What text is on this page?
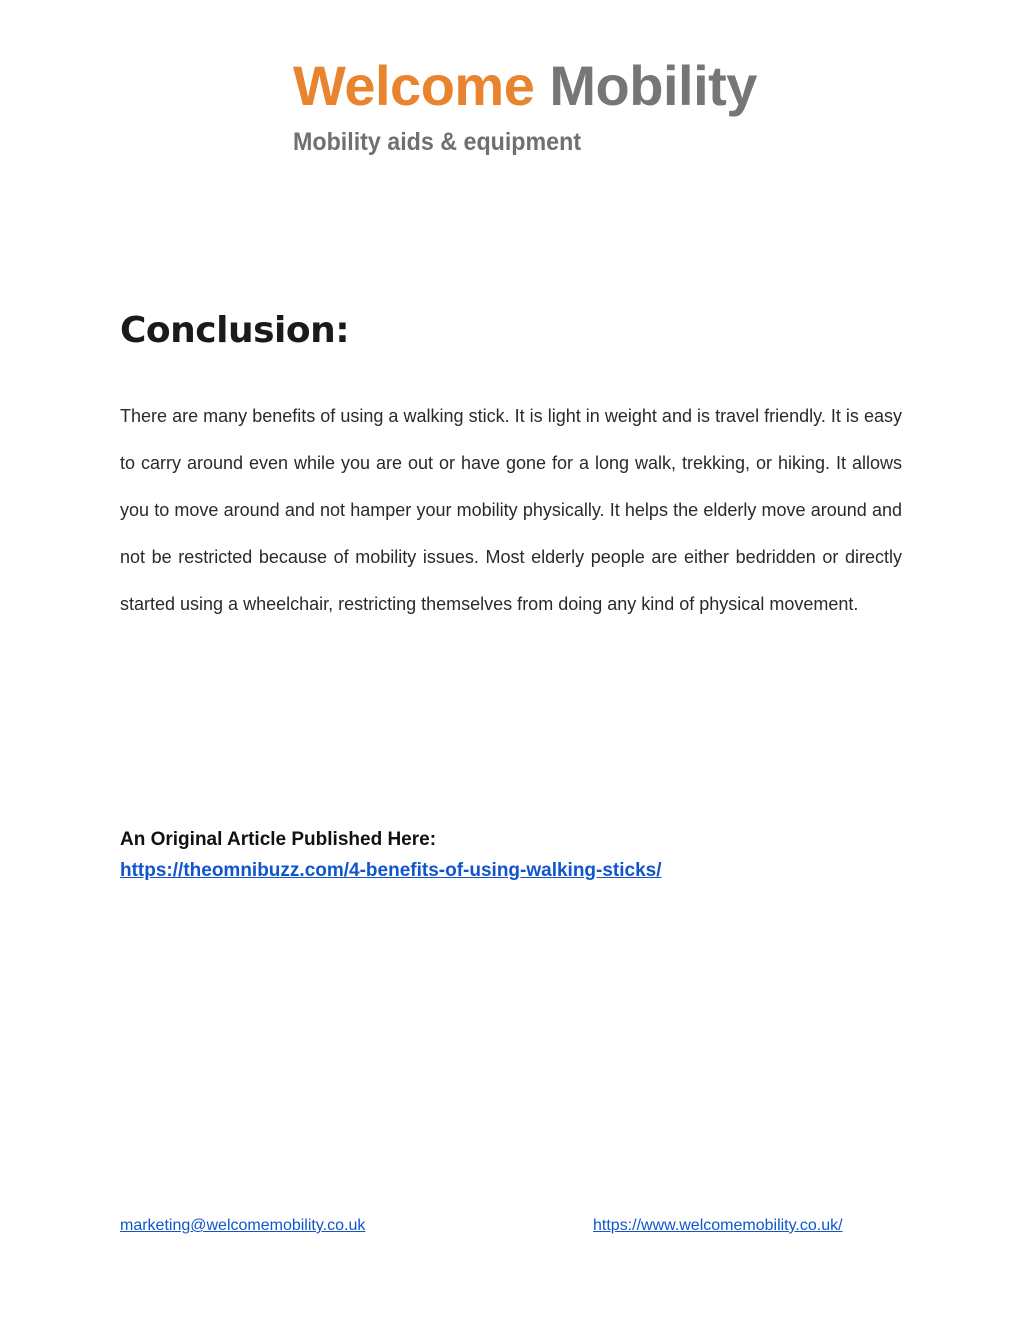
Welcome Mobility
Mobility aids & equipment
Conclusion:

There are many benefits of using a walking stick. It is light in weight and is travel friendly. It is easy to carry around even while you are out or have gone for a long walk, trekking, or hiking. It allows you to move around and not hamper your mobility physically. It helps the elderly move around and not be restricted because of mobility issues. Most elderly people are either bedridden or directly started using a wheelchair, restricting themselves from doing any kind of physical movement.

An Original Article Published Here:
https://theomnibuzz.com/4-benefits-of-using-walking-sticks/
marketing@welcomemobility.co.uk	https://www.welcomemobility.co.uk/
